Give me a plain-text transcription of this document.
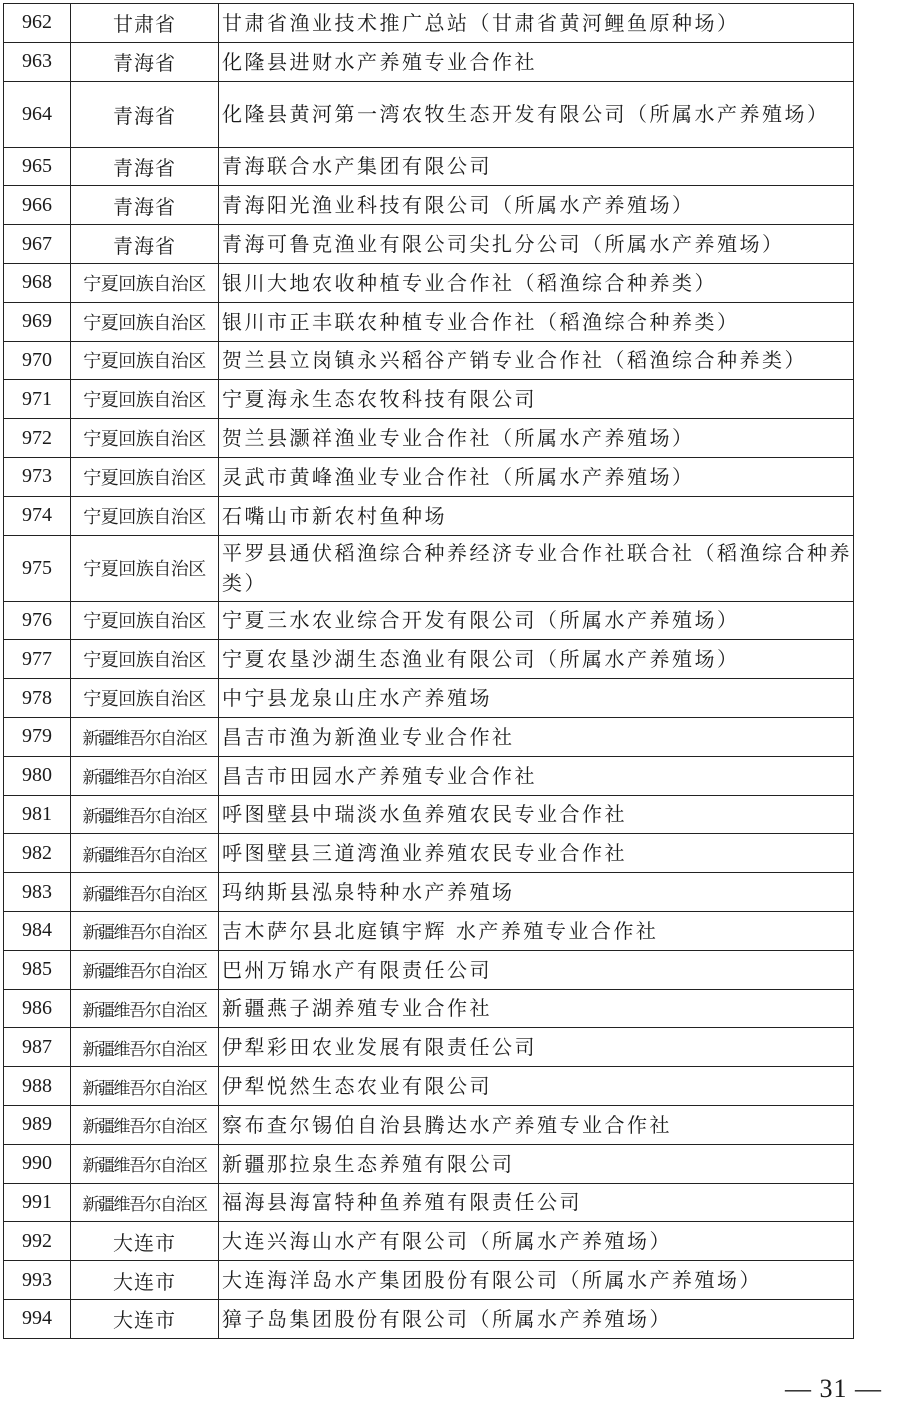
962	甘肃省	甘肃省渔业技术推广总站（甘肃省黄河鲤鱼原种场）
963	青海省	化隆县进财水产养殖专业合作社
964	青海省	化隆县黄河第一湾农牧生态开发有限公司（所属水产养殖场）
965	青海省	青海联合水产集团有限公司
966	青海省	青海阳光渔业科技有限公司（所属水产养殖场）
967	青海省	青海可鲁克渔业有限公司尖扎分公司（所属水产养殖场）
968	宁夏回族自治区	银川大地农收种植专业合作社（稻渔综合种养类）
969	宁夏回族自治区	银川市正丰联农种植专业合作社（稻渔综合种养类）
970	宁夏回族自治区	贺兰县立岗镇永兴稻谷产销专业合作社（稻渔综合种养类）
971	宁夏回族自治区	宁夏海永生态农牧科技有限公司
972	宁夏回族自治区	贺兰县灏祥渔业专业合作社（所属水产养殖场）
973	宁夏回族自治区	灵武市黄峰渔业专业合作社（所属水产养殖场）
974	宁夏回族自治区	石嘴山市新农村鱼种场
975	宁夏回族自治区	平罗县通伏稻渔综合种养经济专业合作社联合社（稻渔综合种养类）
976	宁夏回族自治区	宁夏三水农业综合开发有限公司（所属水产养殖场）
977	宁夏回族自治区	宁夏农垦沙湖生态渔业有限公司（所属水产养殖场）
978	宁夏回族自治区	中宁县龙泉山庄水产养殖场
979	新疆维吾尔自治区	昌吉市渔为新渔业专业合作社
980	新疆维吾尔自治区	昌吉市田园水产养殖专业合作社
981	新疆维吾尔自治区	呼图壁县中瑞淡水鱼养殖农民专业合作社
982	新疆维吾尔自治区	呼图壁县三道湾渔业养殖农民专业合作社
983	新疆维吾尔自治区	玛纳斯县泓泉特种水产养殖场
984	新疆维吾尔自治区	吉木萨尔县北庭镇宇辉 水产养殖专业合作社
985	新疆维吾尔自治区	巴州万锦水产有限责任公司
986	新疆维吾尔自治区	新疆燕子湖养殖专业合作社
987	新疆维吾尔自治区	伊犁彩田农业发展有限责任公司
988	新疆维吾尔自治区	伊犁悦然生态农业有限公司
989	新疆维吾尔自治区	察布查尔锡伯自治县腾达水产养殖专业合作社
990	新疆维吾尔自治区	新疆那拉泉生态养殖有限公司
991	新疆维吾尔自治区	福海县海富特种鱼养殖有限责任公司
992	大连市	大连兴海山水产有限公司（所属水产养殖场）
993	大连市	大连海洋岛水产集团股份有限公司（所属水产养殖场）
994	大连市	獐子岛集团股份有限公司（所属水产养殖场）
— 31 —
